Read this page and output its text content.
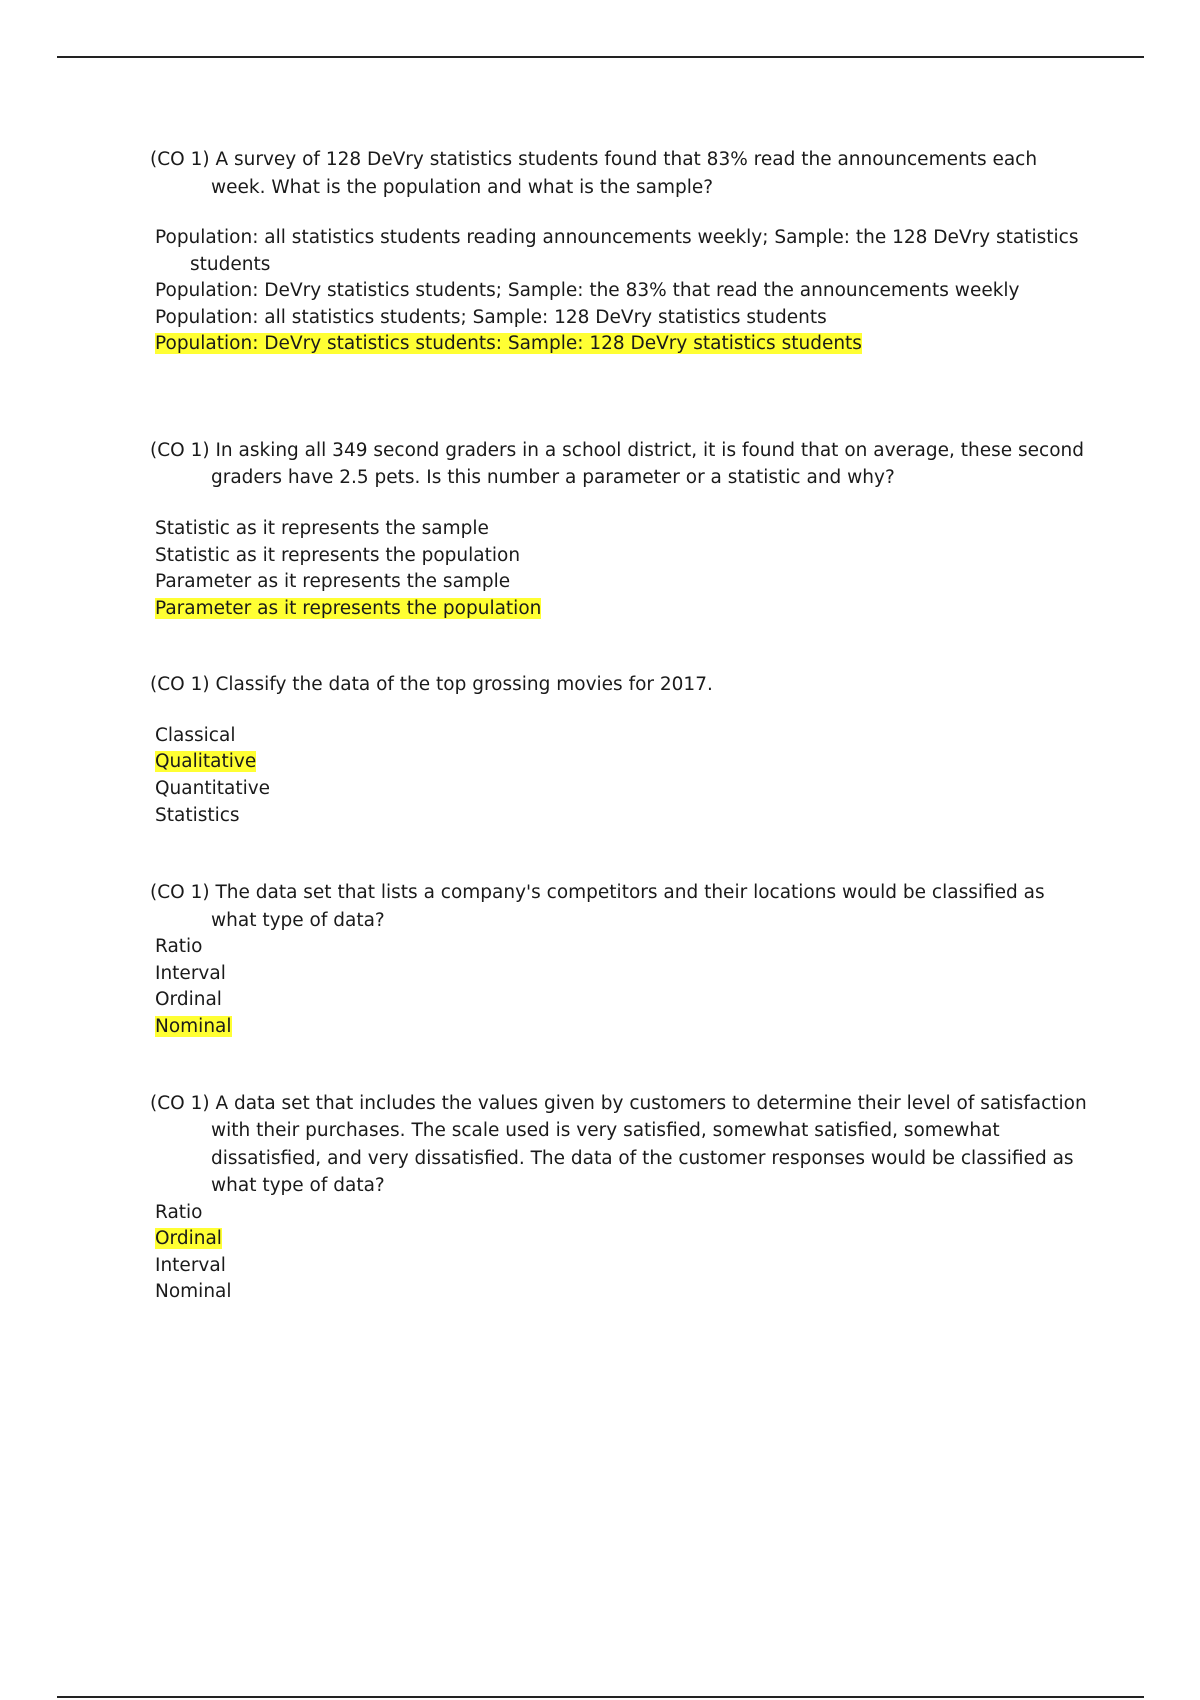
(CO 1) A survey of 128 DeVry statistics students found that 83% read the announcements each week. What is the population and what is the sample?

Population: all statistics students reading announcements weekly; Sample: the 128 DeVry statistics students
Population: DeVry statistics students; Sample: the 83% that read the announcements weekly
Population: all statistics students; Sample: 128 DeVry statistics students
Population: DeVry statistics students: Sample: 128 DeVry statistics students

(CO 1) In asking all 349 second graders in a school district, it is found that on average, these second graders have 2.5 pets. Is this number a parameter or a statistic and why?

Statistic as it represents the sample
Statistic as it represents the population
Parameter as it represents the sample
Parameter as it represents the population

(CO 1) Classify the data of the top grossing movies for 2017.

Classical
Qualitative
Quantitative
Statistics

(CO 1) The data set that lists a company's competitors and their locations would be classified as what type of data?

Ratio
Interval
Ordinal
Nominal

(CO 1) A data set that includes the values given by customers to determine their level of satisfaction with their purchases. The scale used is very satisfied, somewhat satisfied, somewhat dissatisfied, and very dissatisfied. The data of the customer responses would be classified as what type of data?

Ratio
Ordinal
Interval
Nominal
